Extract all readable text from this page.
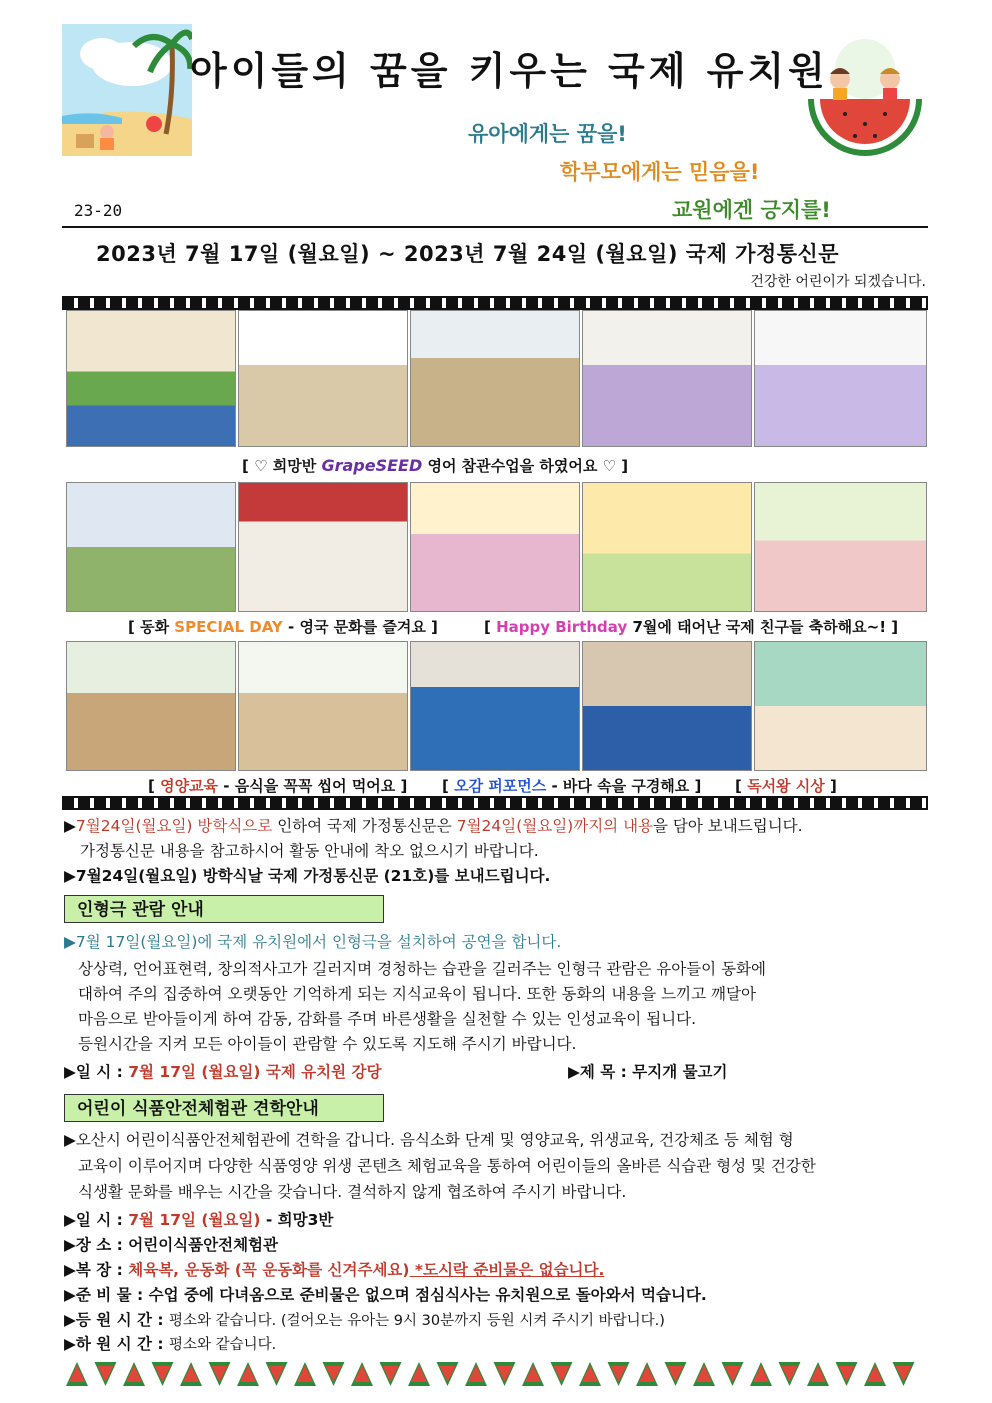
아이들의 꿈을 키우는 국제 유치원
유아에게는 꿈을!
학부모에게는 믿음을!
교원에겐 긍지를!
23-20
2023년 7월 17일 (월요일) ~ 2023년 7월 24일 (월요일) 국제 가정통신문
건강한 어린이가 되겠습니다.
[ ♡ 희망반 GrapeSEED 영어 참관수업을 하였어요 ♡ ]
[ 동화 SPECIAL DAY - 영국 문화를 즐겨요 ]	[ Happy Birthday 7월에 태어난 국제 친구들 축하해요~! ]
[ 영양교육 - 음식을 꼭꼭 씹어 먹어요 ] [ 오감 퍼포먼스 - 바다 속을 구경해요 ] [ 독서왕 시상 ]
▶7월24일(월요일) 방학식으로 인하여 국제 가정통신문은 7월24일(월요일)까지의 내용을 담아 보내드립니다.
가정통신문 내용을 참고하시어 활동 안내에 착오 없으시기 바랍니다.
▶7월24일(월요일) 방학식날 국제 가정통신문 (21호)를 보내드립니다.
인형극 관람 안내
▶7월 17일(월요일)에 국제 유치원에서 인형극을 설치하여 공연을 합니다.
상상력, 언어표현력, 창의적사고가 길러지며 경청하는 습관을 길러주는 인형극 관람은 유아들이 동화에
대하여 주의 집중하여 오랫동안 기억하게 되는 지식교육이 됩니다. 또한 동화의 내용을 느끼고 깨달아
마음으로 받아들이게 하여 감동, 감화를 주며 바른생활을 실천할 수 있는 인성교육이 됩니다.
등원시간을 지켜 모든 아이들이 관람할 수 있도록 지도해 주시기 바랍니다.
▶일 시 : 7월 17일 (월요일) 국제 유치원 강당	▶제 목 : 무지개 물고기
어린이 식품안전체험관 견학안내
▶오산시 어린이식품안전체험관에 견학을 갑니다. 음식소화 단계 및 영양교육, 위생교육, 건강체조 등 체험 형
교육이 이루어지며 다양한 식품영양 위생 콘텐츠 체험교육을 통하여 어린이들의 올바른 식습관 형성 및 건강한
식생활 문화를 배우는 시간을 갖습니다. 결석하지 않게 협조하여 주시기 바랍니다.
▶일 시 : 7월 17일 (월요일) - 희망3반
▶장 소 : 어린이식품안전체험관
▶복 장 : 체육복, 운동화 (꼭 운동화를 신겨주세요) *도시락 준비물은 없습니다.
▶준 비 물 : 수업 중에 다녀옴으로 준비물은 없으며 점심식사는 유치원으로 돌아와서 먹습니다.
▶등 원 시 간 : 평소와 같습니다. (걸어오는 유아는 9시 30분까지 등원 시켜 주시기 바랍니다.)
▶하 원 시 간 : 평소와 같습니다.
